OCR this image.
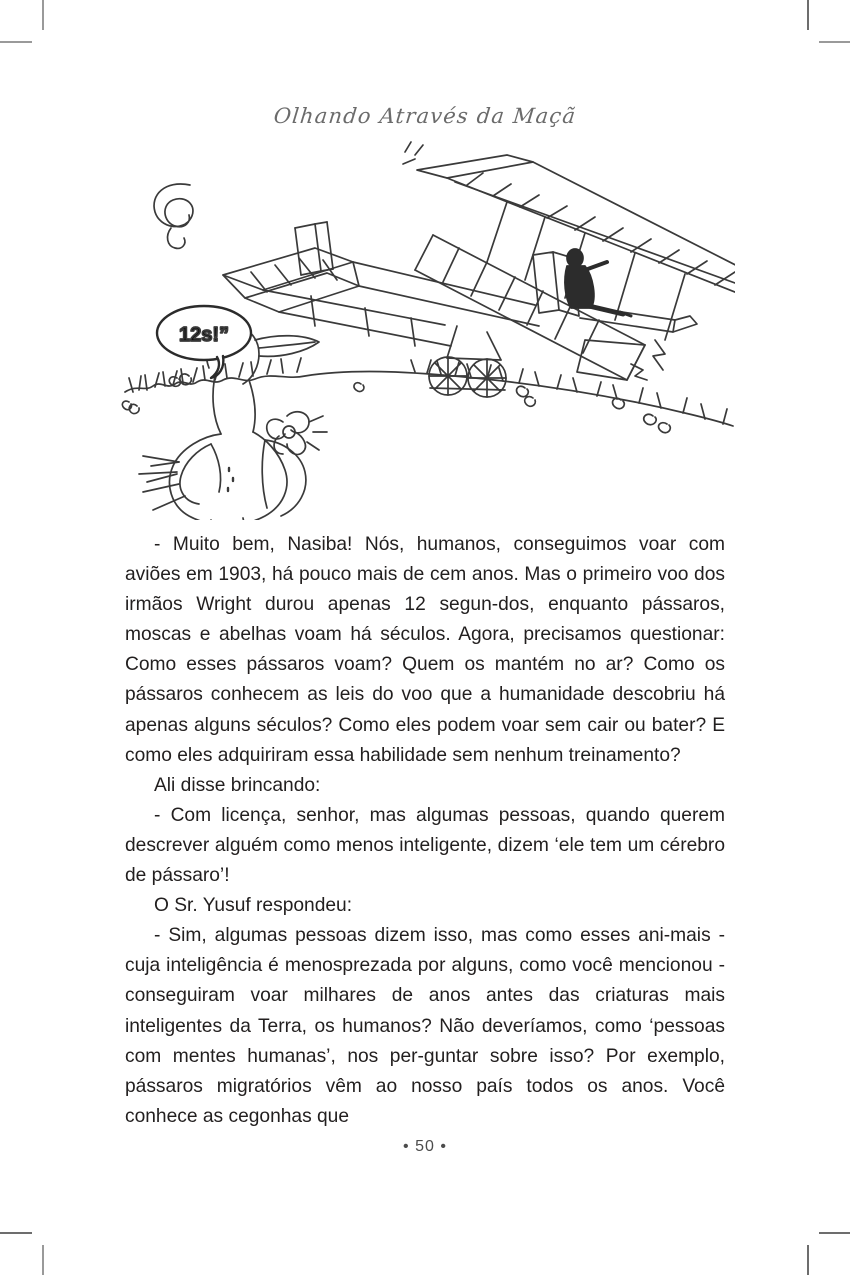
Olhando Através da Maçã
12s!”

- Muito bem, Nasiba! Nós, humanos, conseguimos voar com aviões em 1903, há pouco mais de cem anos. Mas o primeiro voo dos irmãos Wright durou apenas 12 segun-dos, enquanto pássaros, moscas e abelhas voam há séculos. Agora, precisamos questionar: Como esses pássaros voam? Quem os mantém no ar? Como os pássaros conhecem as leis do voo que a humanidade descobriu há apenas alguns séculos? Como eles podem voar sem cair ou bater? E como eles adquiriram essa habilidade sem nenhum treinamento?

Ali disse brincando:

- Com licença, senhor, mas algumas pessoas, quando querem descrever alguém como menos inteligente, dizem ‘ele tem um cérebro de pássaro’!

O Sr. Yusuf respondeu:

- Sim, algumas pessoas dizem isso, mas como esses ani-mais - cuja inteligência é menosprezada por alguns, como você mencionou - conseguiram voar milhares de anos antes das criaturas mais inteligentes da Terra, os humanos? Não deveríamos, como ‘pessoas com mentes humanas’, nos per-guntar sobre isso? Por exemplo, pássaros migratórios vêm ao nosso país todos os anos. Você conhece as cegonhas que

• 50 •
